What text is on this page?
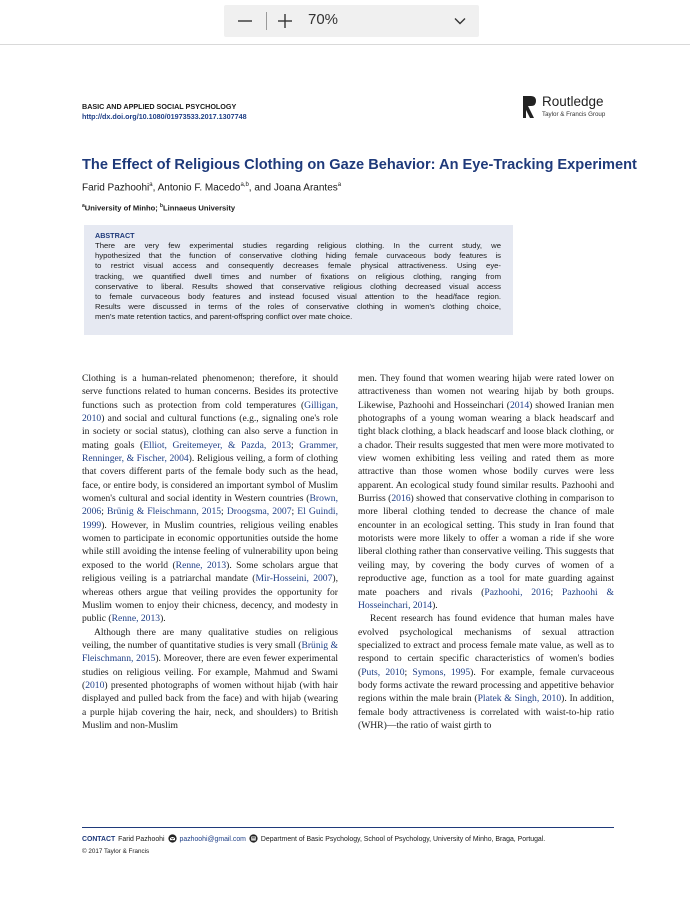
70%
BASIC AND APPLIED SOCIAL PSYCHOLOGY
http://dx.doi.org/10.1080/01973533.2017.1307748
Routledge
Taylor & Francis Group
The Effect of Religious Clothing on Gaze Behavior: An Eye-Tracking Experiment
Farid Pazhoohi$^a$, Antonio F. Macedo$^{a,b}$, and Joana Arantes$^a$
$^a$University of Minho; $^b$Linnaeus University
ABSTRACT
There are very few experimental studies regarding religious clothing. In the current study, we
hypothesized that the function of conservative clothing hiding female curvaceous body features is
to restrict visual access and consequently decreases female physical attractiveness. Using eye-
tracking, we quantified dwell times and number of fixations on religious clothing, ranging from
conservative to liberal. Results showed that conservative religious clothing decreased visual access
to female curvaceous body features and instead focused visual attention to the head/face region.
Results were discussed in terms of the roles of conservative clothing in women's clothing choice,
men's mate retention tactics, and parent-offspring conflict over mate choice.

Clothing is a human-related phenomenon; therefore, it should serve functions related to human concerns. Besides its protective functions such as protection from cold temperatures (Gilligan, 2010) and social and cultural functions (e.g., signaling one's role in society or social status), clothing can also serve a function in mating goals (Elliot, Greitemeyer, & Pazda, 2013; Grammer, Renninger, & Fischer, 2004). Religious veiling, a form of clothing that covers different parts of the female body such as the head, face, or entire body, is considered an important symbol of Muslim women's cultural and social identity in Western countries (Brown, 2006; Brünig & Fleischmann, 2015; Droogsma, 2007; El Guindi, 1999). However, in Muslim countries, religious veiling enables women to participate in economic opportunities outside the home while still avoiding the intense feeling of vulnerability upon being exposed to the world (Renne, 2013). Some scholars argue that religious veiling is a patriarchal mandate (Mir-Hosseini, 2007), whereas others argue that veiling provides the opportunity for Muslim women to enjoy their chicness, decency, and modesty in public (Renne, 2013).

Although there are many qualitative studies on religious veiling, the number of quantitative studies is very small (Brünig & Fleischmann, 2015). Moreover, there are even fewer experimental studies on religious veiling. For example, Mahmud and Swami (2010) presented photographs of women without hijab (with hair displayed and pulled back from the face) and with hijab (wearing a purple hijab covering the hair, neck, and shoulders) to British Muslim and non-Muslim

men. They found that women wearing hijab were rated lower on attractiveness than women not wearing hijab by both groups. Likewise, Pazhoohi and Hosseinchari (2014) showed Iranian men photographs of a young woman wearing a black headscarf and tight black clothing, a black headscarf and loose black clothing, or a chador. Their results suggested that men were more motivated to view women exhibiting less veiling and rated them as more attractive than those women whose bodily curves were less apparent. An ecological study found similar results. Pazhoohi and Burriss (2016) showed that conservative clothing in comparison to more liberal clothing tended to decrease the chance of male encounter in an ecological setting. This study in Iran found that motorists were more likely to offer a woman a ride if she wore liberal clothing rather than conservative veiling. This suggests that veiling may, by covering the body curves of women of a reproductive age, function as a tool for mate guarding against mate poachers and rivals (Pazhoohi, 2016; Pazhoohi & Hosseinchari, 2014).

Recent research has found evidence that human males have evolved psychological mechanisms of sexual attraction specialized to extract and process female mate value, as well as to respond to certain specific characteristics of women's bodies (Puts, 2010; Symons, 1995). For example, female curvaceous body forms activate the reward processing and appetitive behavior regions within the male brain (Platek & Singh, 2010). In addition, female body attractiveness is correlated with waist-to-hip ratio (WHR)—the ratio of waist girth to

CONTACT Farid Pazhoohi pazhoohi@gmail.com Department of Basic Psychology, School of Psychology, University of Minho, Braga, Portugal.
© 2017 Taylor & Francis
